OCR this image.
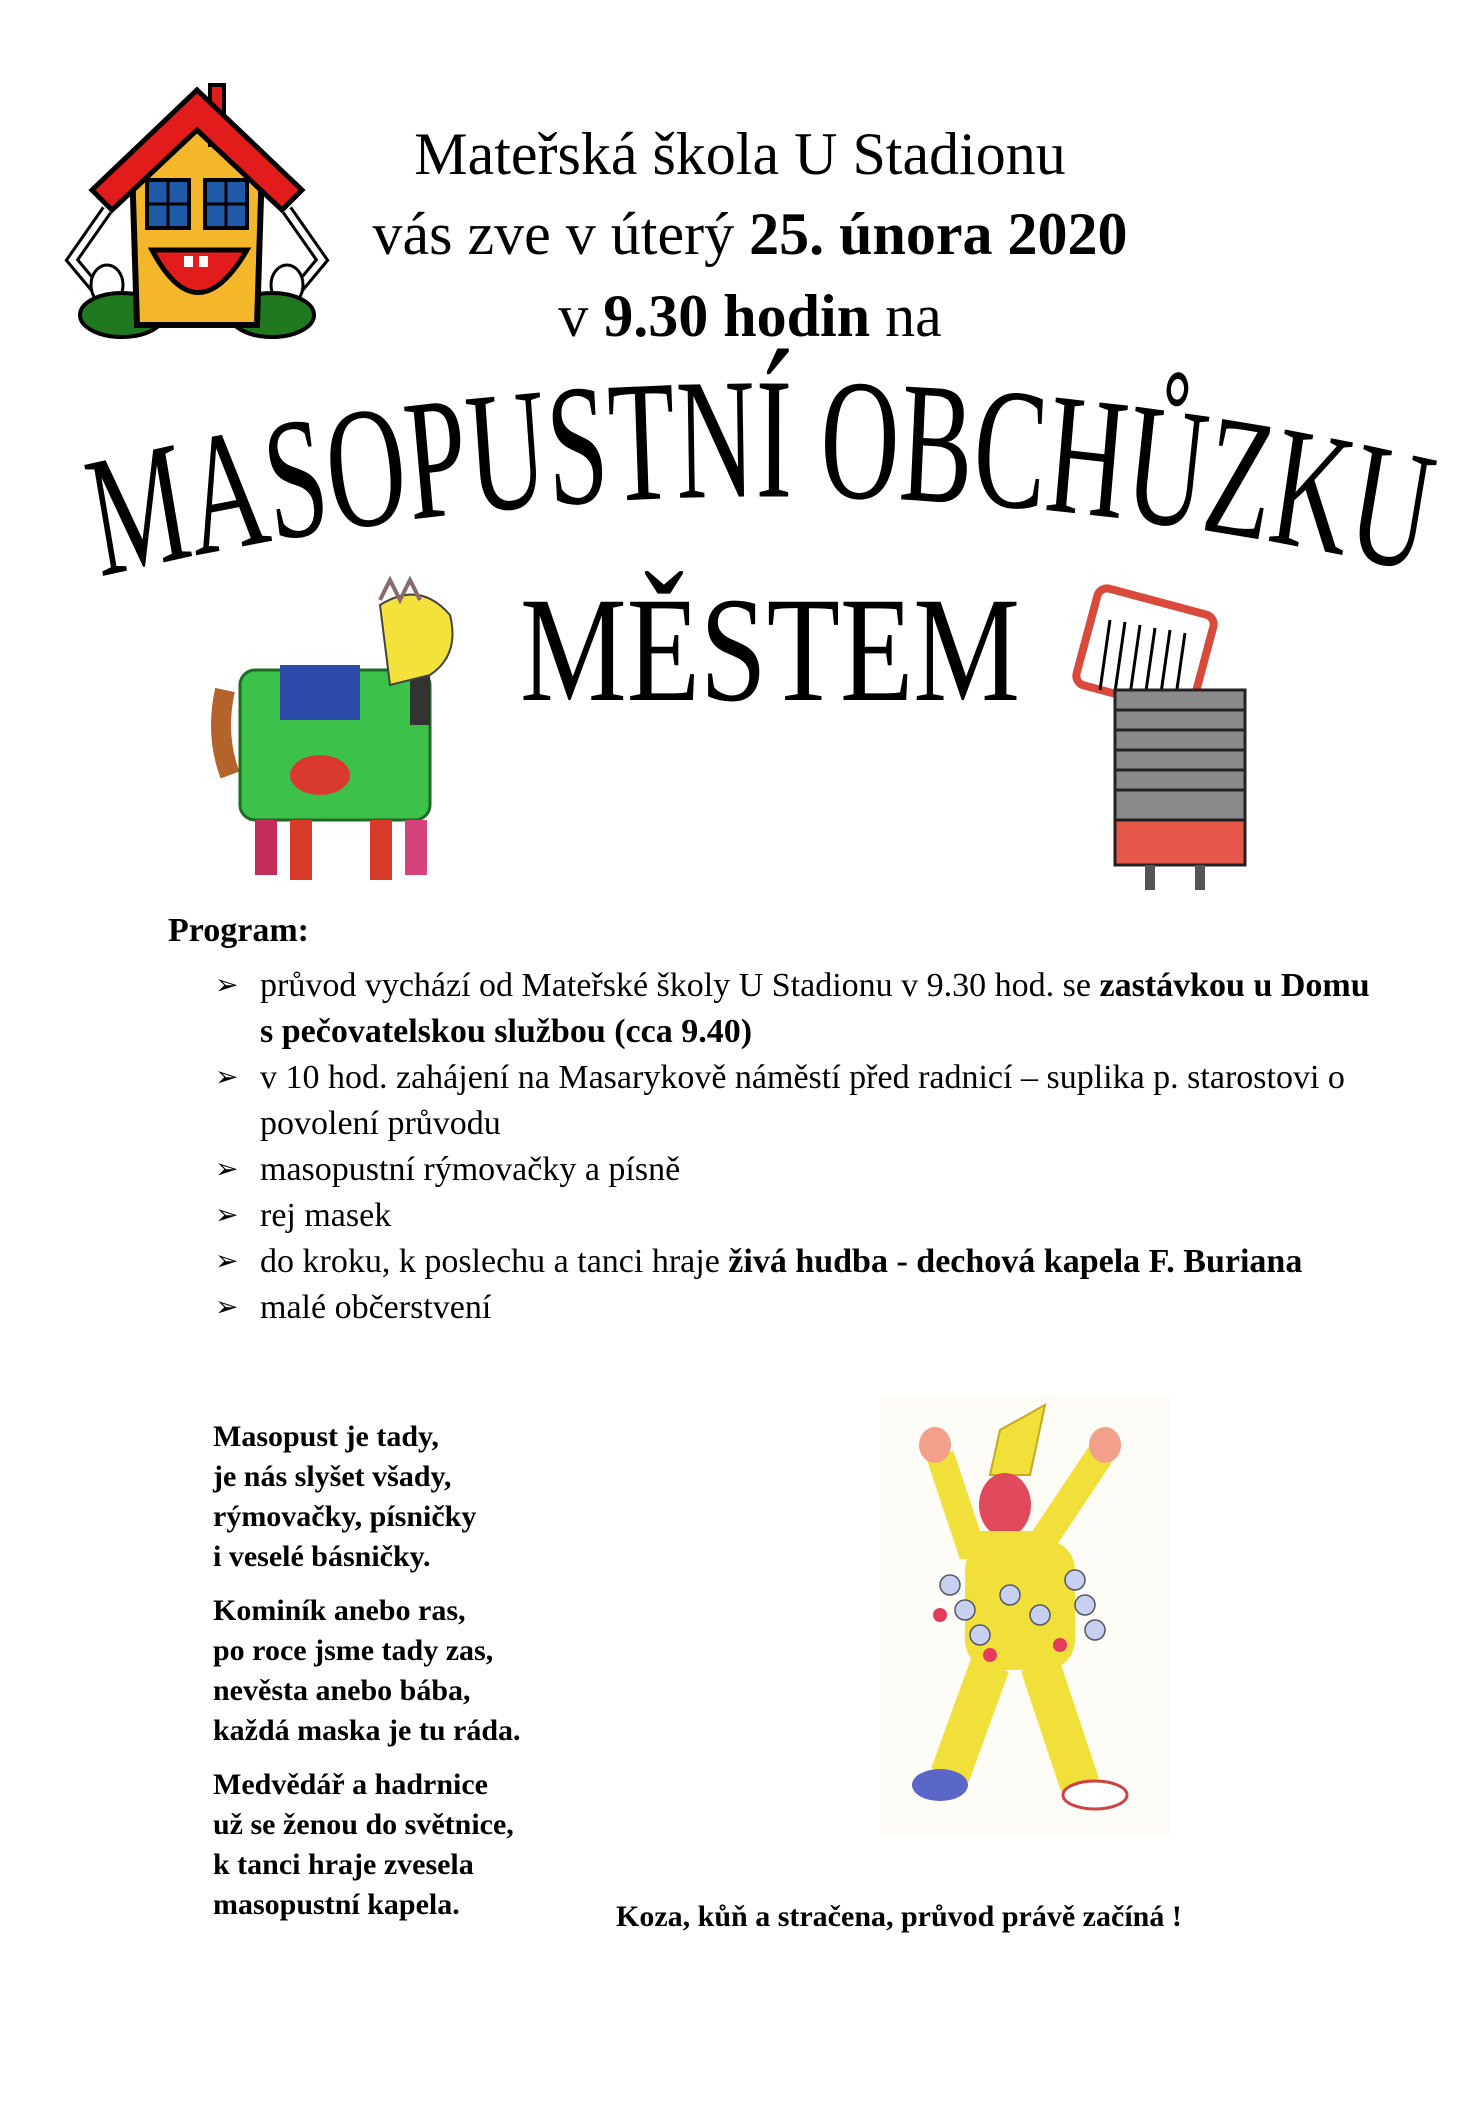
Mateřská škola U Stadionu
vás zve v úterý 25. února 2020
v 9.30 hodin na
MASOPUSTNÍ OBCHŮZKU
MĚSTEM
Program:
➢ průvod vychází od Mateřské školy U Stadionu v 9.30 hod. se zastávkou u Domu s pečovatelskou službou (cca 9.40)
➢ v 10 hod. zahájení na Masarykově náměstí před radnicí – suplika p. starostovi o povolení průvodu
➢ masopustní rýmovačky a písně
➢ rej masek
➢ do kroku, k poslechu a tanci hraje živá hudba - dechová kapela F. Buriana
➢ malé občerstvení
Masopust je tady,
je nás slyšet všady,
rýmovačky, písničky
i veselé básničky.
Kominík anebo ras,
po roce jsme tady zas,
nevěsta anebo bába,
každá maska je tu ráda.
Medvědář a hadrnice
už se ženou do světnice,
k tanci hraje zvesela
masopustní kapela.	Koza, kůň a stračena, průvod právě začíná !
